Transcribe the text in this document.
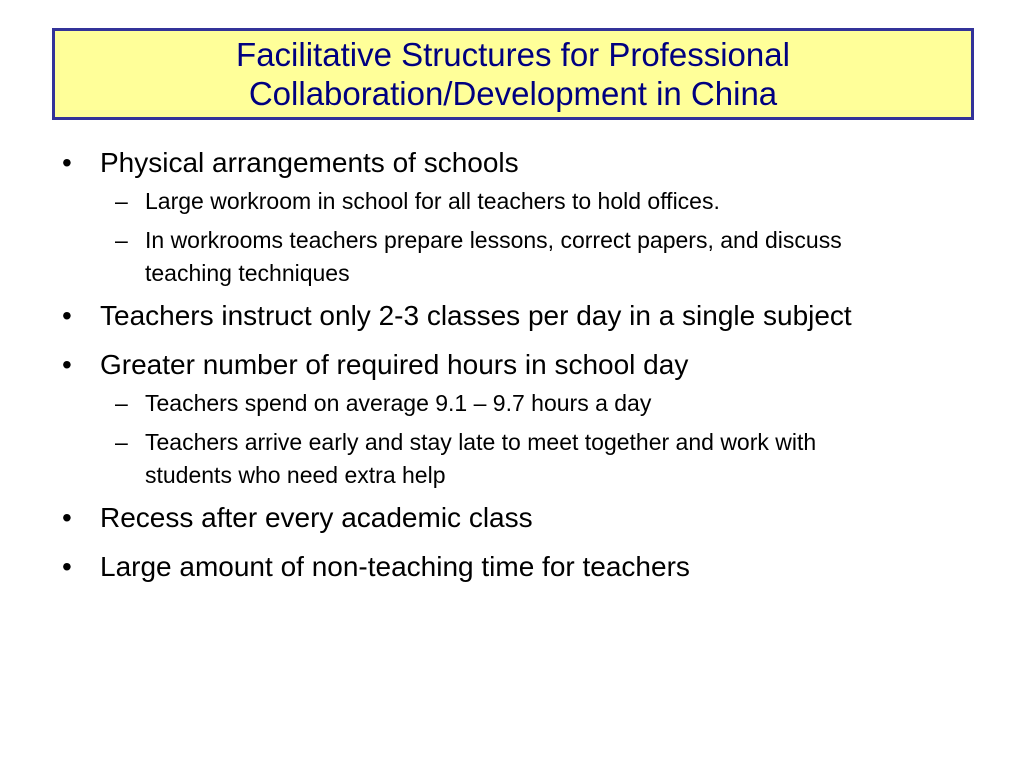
Facilitative Structures for Professional
Collaboration/Development in China
• Physical arrangements of schools
– Large workroom in school for all teachers to hold offices.
– In workrooms teachers prepare lessons, correct papers, and discuss teaching techniques
• Teachers instruct only 2-3 classes per day in a single subject
• Greater number of required hours in school day
– Teachers spend on average 9.1 – 9.7 hours a day
– Teachers arrive early and stay late to meet together and work with students who need extra help
• Recess after every academic class
• Large amount of non-teaching time for teachers
